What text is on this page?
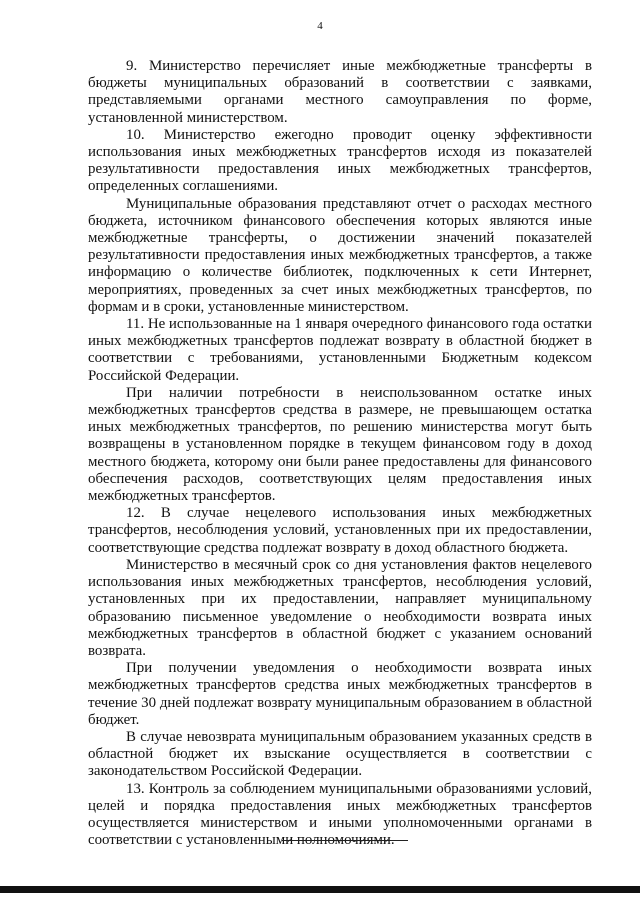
4

9. Министерство перечисляет иные межбюджетные трансферты в бюджеты муниципальных образований в соответствии с заявками, представляемыми органами местного самоуправления по форме, установленной министерством.

10. Министерство ежегодно проводит оценку эффективности использования иных межбюджетных трансфертов исходя из показателей результативности предоставления иных межбюджетных трансфертов, определенных соглашениями.

Муниципальные образования представляют отчет о расходах местного бюджета, источником финансового обеспечения которых являются иные межбюджетные трансферты, о достижении значений показателей результативности предоставления иных межбюджетных трансфертов, а также информацию о количестве библиотек, подключенных к сети Интернет, мероприятиях, проведенных за счет иных межбюджетных трансфертов, по формам и в сроки, установленные министерством.

11. Не использованные на 1 января очередного финансового года остатки иных межбюджетных трансфертов подлежат возврату в областной бюджет в соответствии с требованиями, установленными Бюджетным кодексом Российской Федерации.

При наличии потребности в неиспользованном остатке иных межбюджетных трансфертов средства в размере, не превышающем остатка иных межбюджетных трансфертов, по решению министерства могут быть возвращены в установленном порядке в текущем финансовом году в доход местного бюджета, которому они были ранее предоставлены для финансового обеспечения расходов, соответствующих целям предоставления иных межбюджетных трансфертов.

12. В случае нецелевого использования иных межбюджетных трансфертов, несоблюдения условий, установленных при их предоставлении, соответствующие средства подлежат возврату в доход областного бюджета.

Министерство в месячный срок со дня установления фактов нецелевого использования иных межбюджетных трансфертов, несоблюдения условий, установленных при их предоставлении, направляет муниципальному образованию письменное уведомление о необходимости возврата иных межбюджетных трансфертов в областной бюджет с указанием оснований возврата.

При получении уведомления о необходимости возврата иных межбюджетных трансфертов средства иных межбюджетных трансфертов в течение 30 дней подлежат возврату муниципальным образованием в областной бюджет.

В случае невозврата муниципальным образованием указанных средств в областной бюджет их взыскание осуществляется в соответствии с законодательством Российской Федерации.

13. Контроль за соблюдением муниципальными образованиями условий, целей и порядка предоставления иных межбюджетных трансфертов осуществляется министерством и иными уполномоченными органами в соответствии с установленными полномочиями.
